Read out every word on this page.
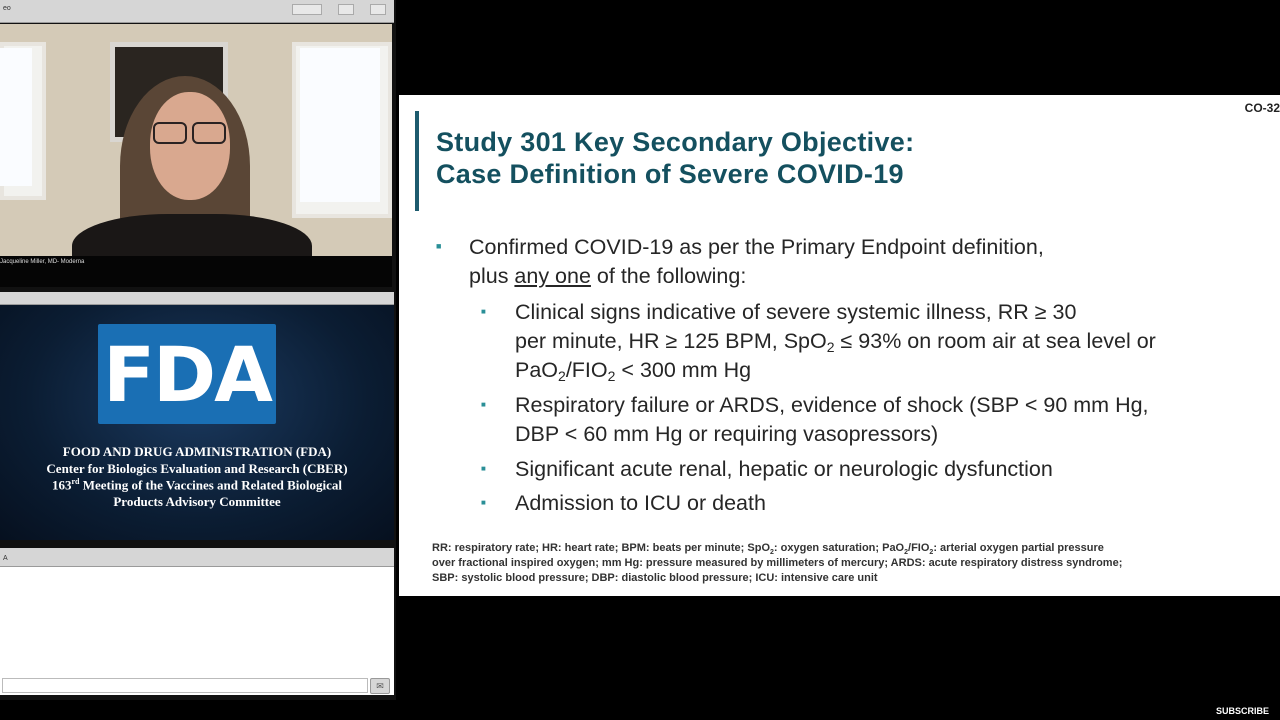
eo
Jacqueline Miller, MD- Moderna
FDA
FOOD AND DRUG ADMINISTRATION (FDA)
Center for Biologics Evaluation and Research (CBER)
163rd Meeting of the Vaccines and Related Biological
Products Advisory Committee
A
✉
CO-32
Study 301 Key Secondary Objective:
Case Definition of Severe COVID-19
■ Confirmed COVID-19 as per the Primary Endpoint definition,
plus any one of the following:
■ Clinical signs indicative of severe systemic illness, RR ≥ 30
per minute, HR ≥ 125 BPM, SpO$_2$ ≤ 93% on room air at sea level or
$PaO_2/FIO_2 < 300$ mm Hg
■ Respiratory failure or ARDS, evidence of shock (SBP < 90 mm Hg,
DBP < 60 mm Hg or requiring vasopressors)
■ Significant acute renal, hepatic or neurologic dysfunction
■ Admission to ICU or death
RR: respiratory rate; HR: heart rate; BPM: beats per minute; SpO$_2$: oxygen saturation; $PaO_2/FIO_2$: arterial oxygen partial pressure
over fractional inspired oxygen; mm Hg: pressure measured by millimeters of mercury; ARDS: acute respiratory distress syndrome;
SBP: systolic blood pressure; DBP: diastolic blood pressure; ICU: intensive care unit
SUBSCRIBE
